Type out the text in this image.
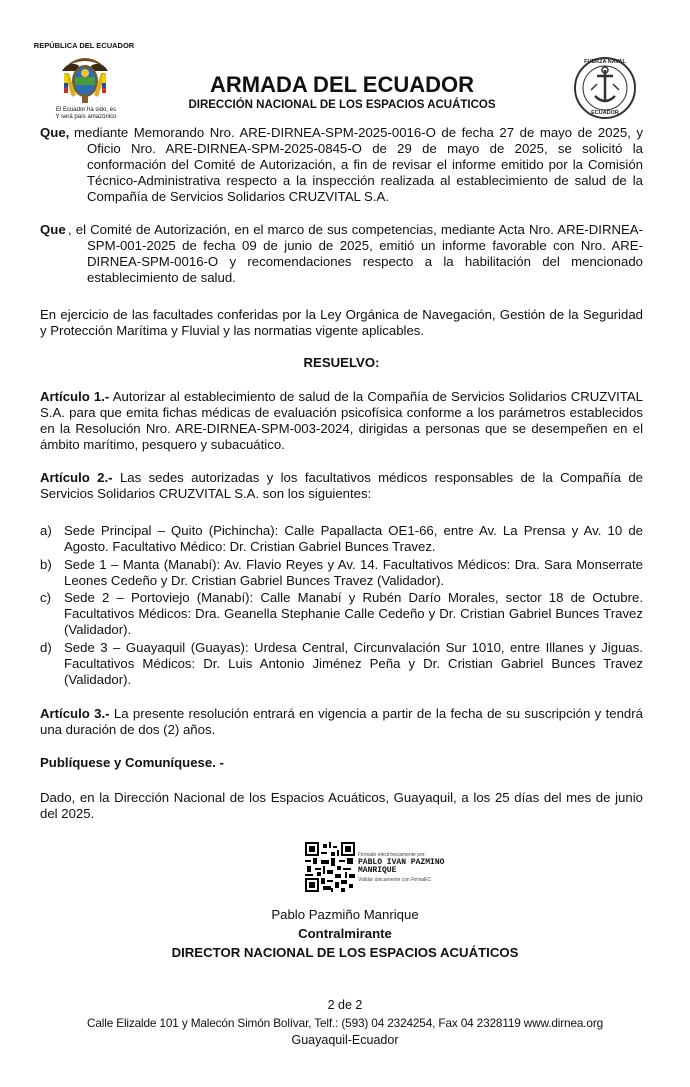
REPÚBLICA DEL ECUADOR
El Ecuador ha sido, es
Y será país amazónico
ARMADA DEL ECUADOR
DIRECCIÓN NACIONAL DE LOS ESPACIOS ACUÁTICOS
FUERZA NAVAL
ECUADOR
Que, mediante Memorando Nro. ARE-DIRNEA-SPM-2025-0016-O de fecha 27 de mayo de 2025, y Oficio Nro. ARE-DIRNEA-SPM-2025-0845-O de 29 de mayo de 2025, se solicitó la conformación del Comité de Autorización, a fin de revisar el informe emitido por la Comisión Técnico-Administrativa respecto a la inspección realizada al establecimiento de salud de la Compañía de Servicios Solidarios CRUZVITAL S.A.
Que , el Comité de Autorización, en el marco de sus competencias, mediante Acta Nro. ARE-DIRNEA-SPM-001-2025 de fecha 09 de junio de 2025, emitió un informe favorable con Nro. ARE-DIRNEA-SPM-0016-O y recomendaciones respecto a la habilitación del mencionado establecimiento de salud.
En ejercicio de las facultades conferidas por la Ley Orgánica de Navegación, Gestión de la Seguridad y Protección Marítima y Fluvial y las normatias vigente aplicables.
RESUELVO:
Artículo 1.- Autorizar al establecimiento de salud de la Compañía de Servicios Solidarios CRUZVITAL S.A. para que emita fichas médicas de evaluación psicofísica conforme a los parámetros establecidos en la Resolución Nro. ARE-DIRNEA-SPM-003-2024, dirigidas a personas que se desempeñen en el ámbito marítimo, pesquero y subacuático.
Artículo 2.- Las sedes autorizadas y los facultativos médicos responsables de la Compañía de Servicios Solidarios CRUZVITAL S.A. son los siguientes:
a) Sede Principal – Quito (Pichincha): Calle Papallacta OE1-66, entre Av. La Prensa y Av. 10 de Agosto. Facultativo Médico: Dr. Cristian Gabriel Bunces Travez.
b) Sede 1 – Manta (Manabí): Av. Flavio Reyes y Av. 14. Facultativos Médicos: Dra. Sara Monserrate Leones Cedeño y Dr. Cristian Gabriel Bunces Travez (Validador).
c) Sede 2 – Portoviejo (Manabí): Calle Manabí y Rubén Darío Morales, sector 18 de Octubre. Facultativos Médicos: Dra. Geanella Stephanie Calle Cedeño y Dr. Cristian Gabriel Bunces Travez (Validador).
d) Sede 3 – Guayaquil (Guayas): Urdesa Central, Circunvalación Sur 1010, entre Illanes y Jiguas. Facultativos Médicos: Dr. Luis Antonio Jiménez Peña y Dr. Cristian Gabriel Bunces Travez (Validador).
Artículo 3.- La presente resolución entrará en vigencia a partir de la fecha de su suscripción y tendrá una duración de dos (2) años.
Publíquese y Comuníquese. -
Dado, en la Dirección Nacional de los Espacios Acuáticos, Guayaquil, a los 25 días del mes de junio del 2025.
Firmado electrónicamente por:
PABLO IVAN PAZMINO
MANRIQUE
Validar únicamente con FirmaEC
Pablo Pazmiño Manrique
Contralmirante
DIRECTOR NACIONAL DE LOS ESPACIOS ACUÁTICOS
2 de 2
Calle Elizalde 101 y Malecón Simón Bolívar, Telf.: (593) 04 2324254, Fax 04 2328119 www.dirnea.org
Guayaquil-Ecuador
